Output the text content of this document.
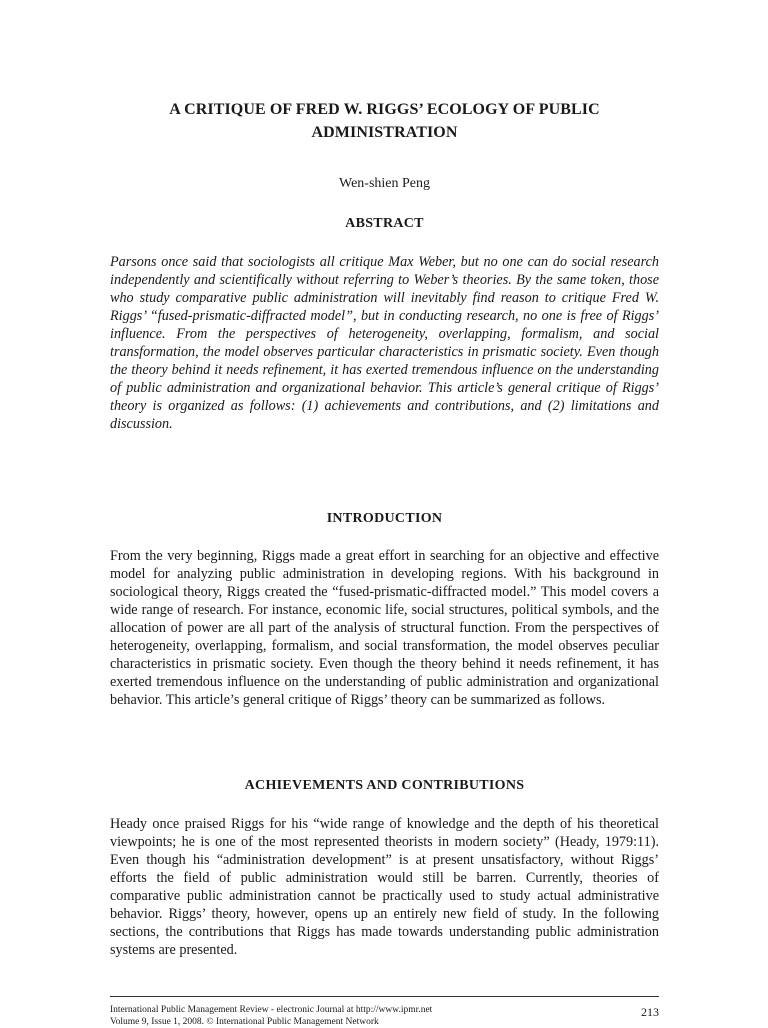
A CRITIQUE OF FRED W. RIGGS’ ECOLOGY OF PUBLIC ADMINISTRATION
Wen-shien Peng
ABSTRACT

Parsons once said that sociologists all critique Max Weber, but no one can do social research independently and scientifically without referring to Weber’s theories. By the same token, those who study comparative public administration will inevitably find reason to critique Fred W. Riggs’ “fused-prismatic-diffracted model”, but in conducting research, no one is free of Riggs’ influence. From the perspectives of heterogeneity, overlapping, formalism, and social transformation, the model observes particular characteristics in prismatic society. Even though the theory behind it needs refinement, it has exerted tremendous influence on the understanding of public administration and organizational behavior. This article’s general critique of Riggs’ theory is organized as follows: (1) achievements and contributions, and (2) limitations and discussion.

INTRODUCTION

From the very beginning, Riggs made a great effort in searching for an objective and effective model for analyzing public administration in developing regions. With his background in sociological theory, Riggs created the “fused-prismatic-diffracted model.” This model covers a wide range of research. For instance, economic life, social structures, political symbols, and the allocation of power are all part of the analysis of structural function. From the perspectives of heterogeneity, overlapping, formalism, and social transformation, the model observes peculiar characteristics in prismatic society. Even though the theory behind it needs refinement, it has exerted tremendous influence on the understanding of public administration and organizational behavior. This article’s general critique of Riggs’ theory can be summarized as follows.

ACHIEVEMENTS AND CONTRIBUTIONS

Heady once praised Riggs for his “wide range of knowledge and the depth of his theoretical viewpoints; he is one of the most represented theorists in modern society” (Heady, 1979:11). Even though his “administration development” is at present unsatisfactory, without Riggs’ efforts the field of public administration would still be barren. Currently, theories of comparative public administration cannot be practically used to study actual administrative behavior. Riggs’ theory, however, opens up an entirely new field of study. In the following sections, the contributions that Riggs has made towards understanding public administration systems are presented.

International Public Management Review - electronic Journal at http://www.ipmr.net
Volume 9, Issue 1, 2008. © International Public Management Network
213
